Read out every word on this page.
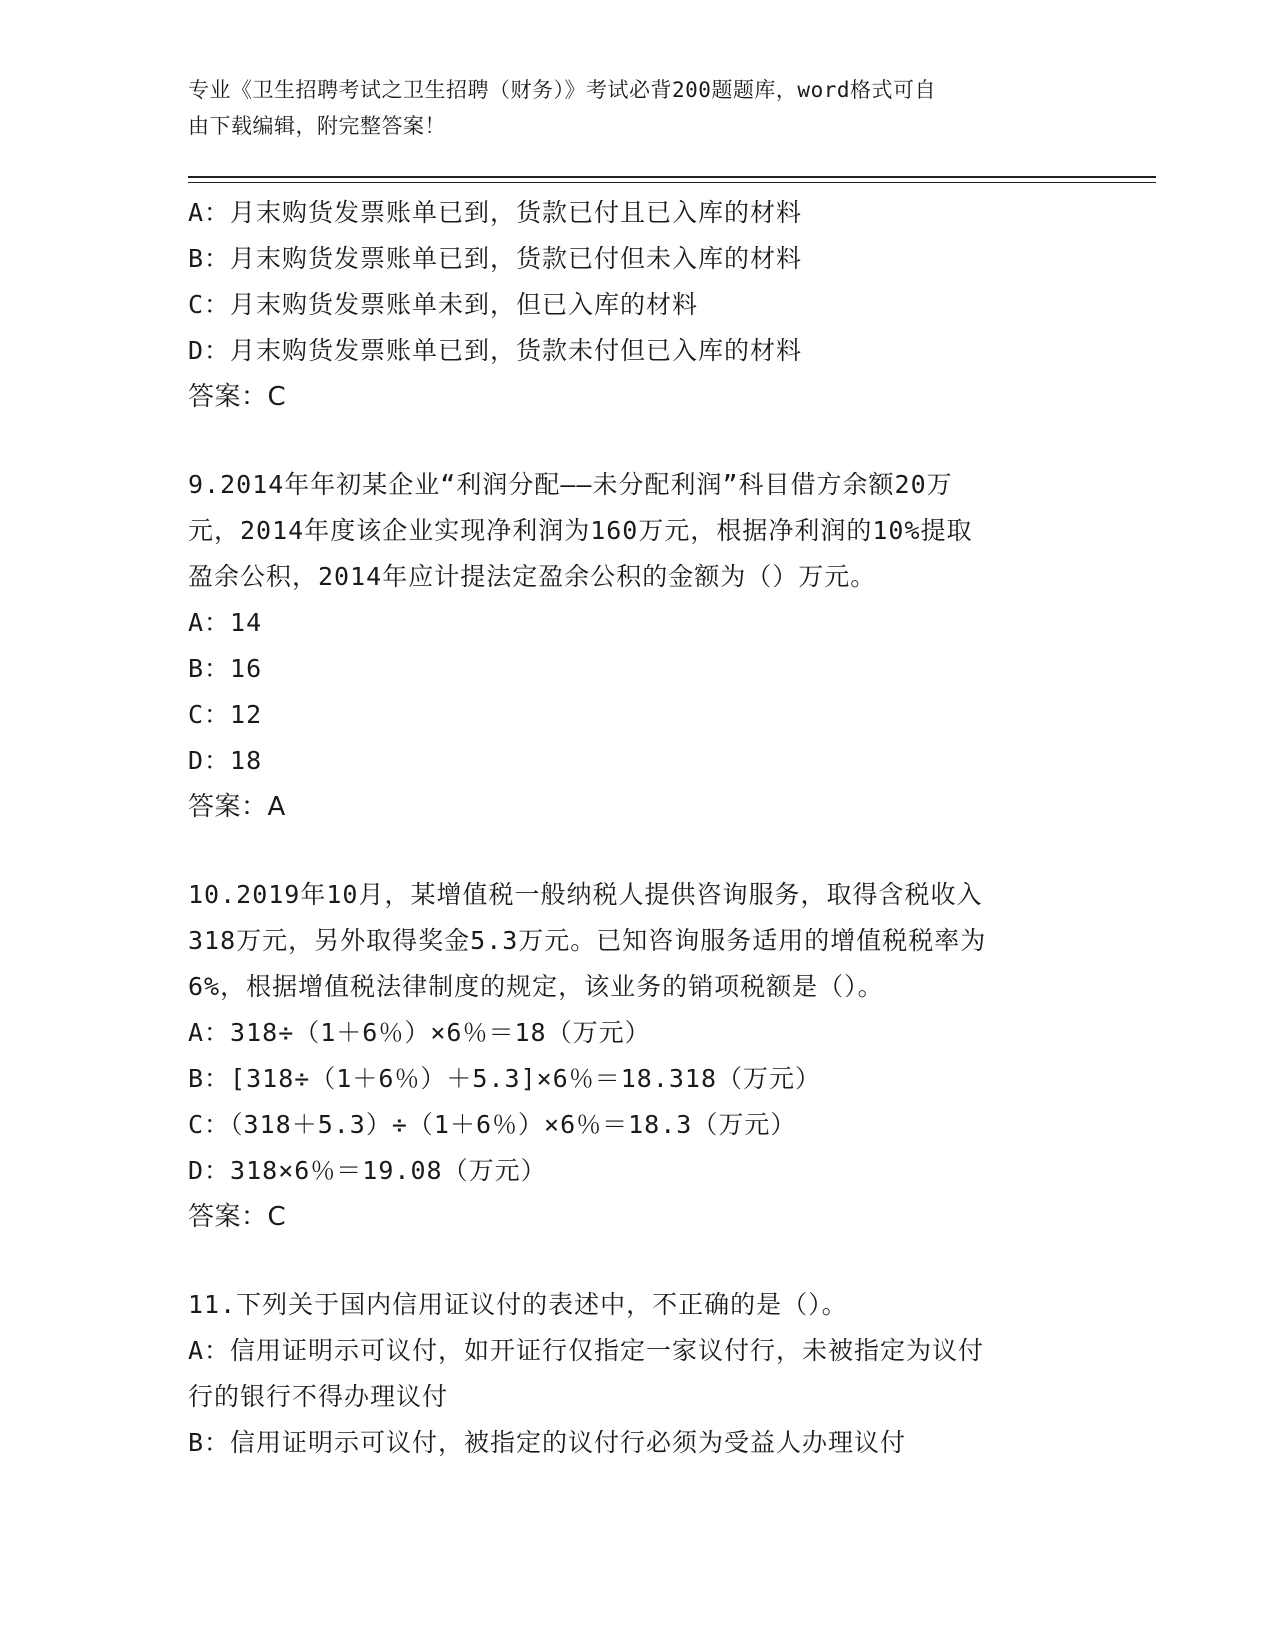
专业《卫生招聘考试之卫生招聘（财务）》考试必背200题题库，word格式可自
由下载编辑，附完整答案！
A：月末购货发票账单已到，货款已付且已入库的材料
B：月末购货发票账单已到，货款已付但未入库的材料
C：月末购货发票账单未到，但已入库的材料
D：月末购货发票账单已到，货款未付但已入库的材料
答案：C
9.2014年年初某企业“利润分配——未分配利润”科目借方余额20万
元，2014年度该企业实现净利润为160万元，根据净利润的10%提取
盈余公积，2014年应计提法定盈余公积的金额为（）万元。
A：14
B：16
C：12
D：18
答案：A
10.2019年10月，某增值税一般纳税人提供咨询服务，取得含税收入
318万元，另外取得奖金5.3万元。已知咨询服务适用的增值税税率为
6%，根据增值税法律制度的规定，该业务的销项税额是（）。
A：318÷（1＋6％）×6％＝18（万元）
B：[318÷（1＋6％）＋5.3]×6％＝18.318（万元）
C：（318＋5.3）÷（1＋6％）×6％＝18.3（万元）
D：318×6％＝19.08（万元）
答案：C
11.下列关于国内信用证议付的表述中，不正确的是（）。
A：信用证明示可议付，如开证行仅指定一家议付行，未被指定为议付
行的银行不得办理议付
B：信用证明示可议付，被指定的议付行必须为受益人办理议付
